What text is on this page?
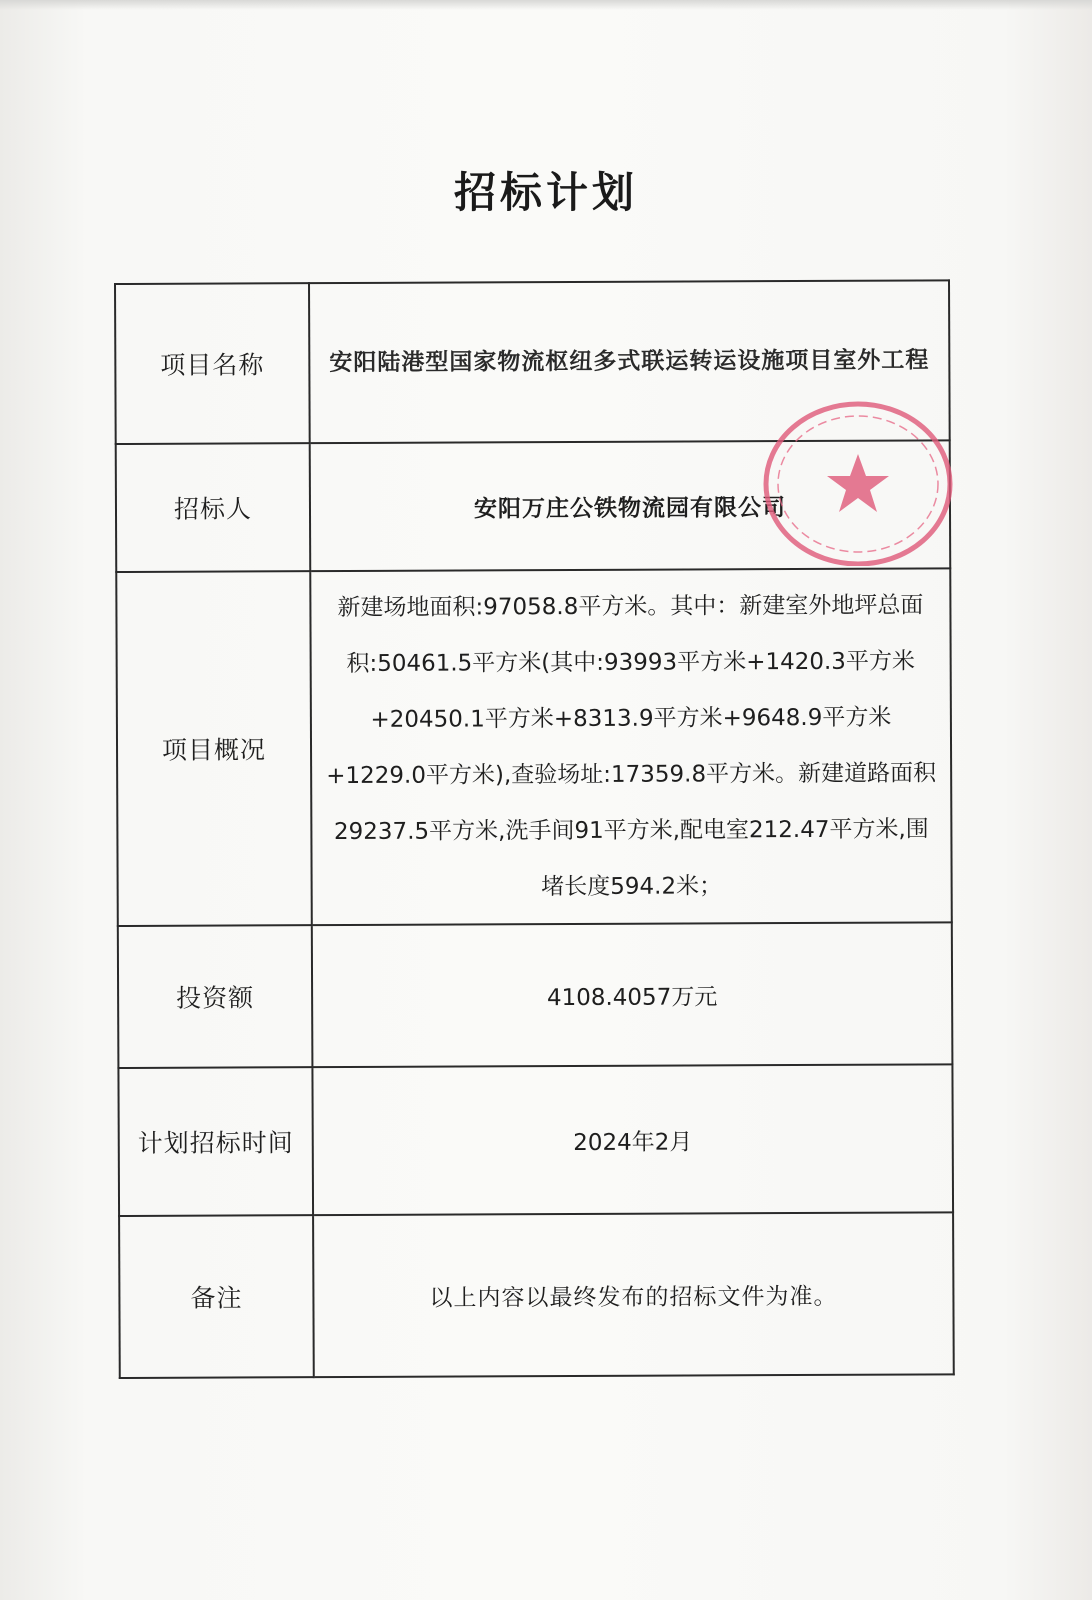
招标计划
项目名称	安阳陆港型国家物流枢纽多式联运转运设施项目室外工程
招标人	安阳万庄公铁物流园有限公司
项目概况	新建场地面积:97058.8平方米。其中：新建室外地坪总面积:50461.5平方米(其中:93993平方米+1420.3平方米+20450.1平方米+8313.9平方米+9648.9平方米+1229.0平方米),查验场址:17359.8平方米。新建道路面积29237.5平方米,洗手间91平方米,配电室212.47平方米,围堵长度594.2米；
投资额	4108.4057万元
计划招标时间	2024年2月
备注	以上内容以最终发布的招标文件为准。
